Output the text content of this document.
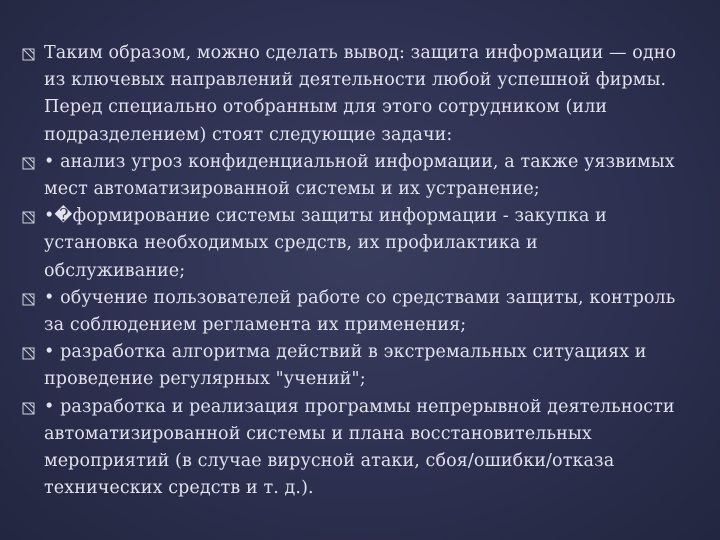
Таким образом, можно сделать вывод: защита информации — одно из ключевых направлений деятельности любой успешной фирмы. Перед специально отобранным для этого сотрудником (или подразделением) стоят следующие задачи:
• анализ угроз конфиденциальной информации, а также уязвимых мест автоматизированной системы и их устранение;
•�формирование системы защиты информации - закупка и установка необходимых средств, их профилактика и обслуживание;
• обучение пользователей работе со средствами защиты, контроль за соблюдением регламента их применения;
• разработка алгоритма действий в экстремальных ситуациях и проведение регулярных "учений";
• разработка и реализация программы непрерывной деятельности автоматизированной системы и плана восстановительных мероприятий (в случае вирусной атаки, сбоя/ошибки/отказа технических средств и т. д.).
